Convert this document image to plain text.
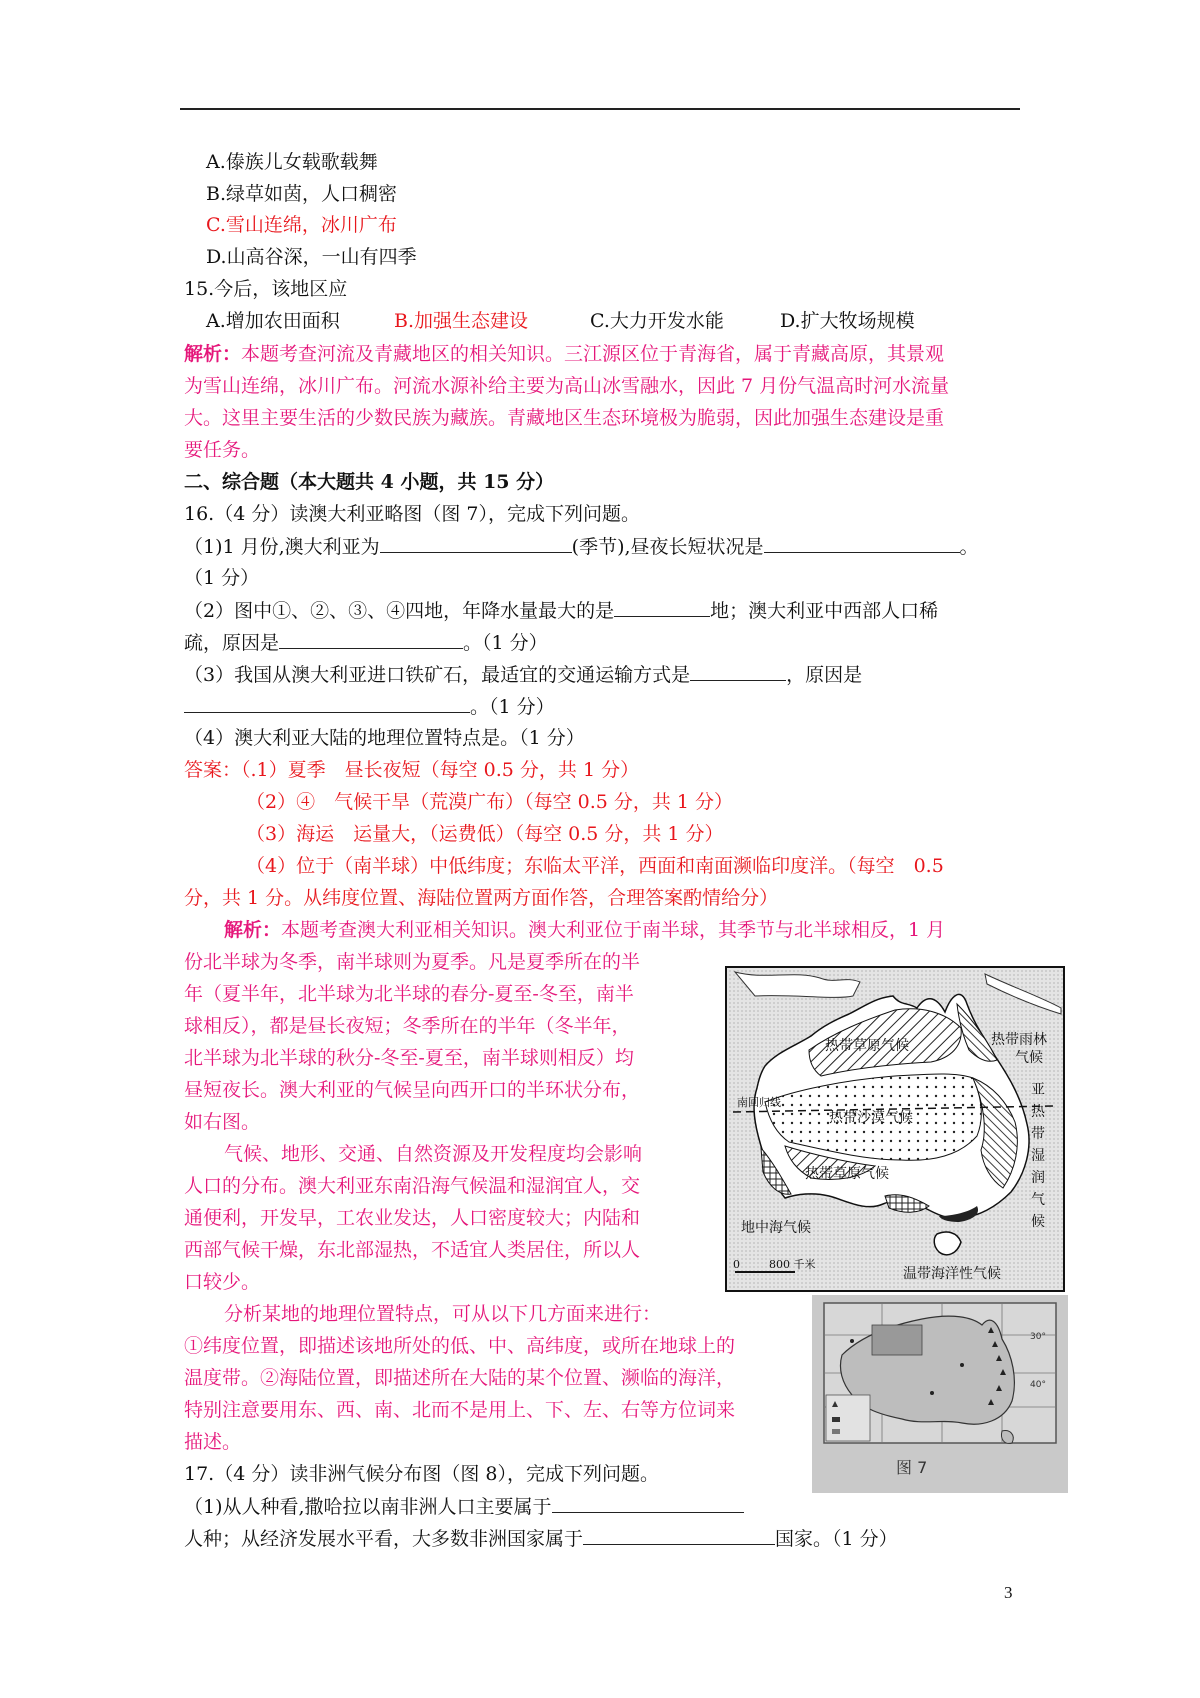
A.傣族儿女载歌载舞
B.绿草如茵，人口稠密
C.雪山连绵，冰川广布
D.山高谷深，一山有四季
15.今后，该地区应
A.增加农田面积	B.加强生态建设	C.大力开发水能	D.扩大牧场规模
解析：本题考查河流及青藏地区的相关知识。三江源区位于青海省，属于青藏高原，其景观
为雪山连绵，冰川广布。河流水源补给主要为高山冰雪融水，因此 7 月份气温高时河水流量
大。这里主要生活的少数民族为藏族。青藏地区生态环境极为脆弱，因此加强生态建设是重
要任务。
二、综合题（本大题共 4 小题，共 15 分）
16.（4 分）读澳大利亚略图（图 7），完成下列问题。
（1)1 月份,澳大利亚为	(季节),昼夜长短状况是	。
（1 分）
（2）图中①、②、③、④四地，年降水量最大的是	地；澳大利亚中西部人口稀
疏，原因是	。（1 分）
（3）我国从澳大利亚进口铁矿石，最适宜的交通运输方式是	，原因是
。（1 分）
（4）澳大利亚大陆的地理位置特点是。（1 分）
答案：（.1）夏季　昼长夜短（每空 0.5 分，共 1 分）
（2）④　气候干旱（荒漠广布）（每空 0.5 分，共 1 分）
（3）海运　运量大，（运费低）（每空 0.5 分，共 1 分）
（4）位于（南半球）中低纬度；东临太平洋，西面和南面濒临印度洋。（每空　0.5
分，共 1 分。从纬度位置、海陆位置两方面作答，合理答案酌情给分）
解析：本题考查澳大利亚相关知识。澳大利亚位于南半球，其季节与北半球相反，1 月
份北半球为冬季，南半球则为夏季。凡是夏季所在的半
年（夏半年，北半球为北半球的春分-夏至-冬至，南半
球相反），都是昼长夜短；冬季所在的半年（冬半年，
北半球为北半球的秋分-冬至-夏至，南半球则相反）均
昼短夜长。澳大利亚的气候呈向西开口的半环状分布，
如右图。
气候、地形、交通、自然资源及开发程度均会影响
人口的分布。澳大利亚东南沿海气候温和湿润宜人，交
通便利，开发早，工农业发达，人口密度较大；内陆和
西部气候干燥，东北部湿热，不适宜人类居住，所以人
口较少。
分析某地的地理位置特点，可从以下几方面来进行：
①纬度位置，即描述该地所处的低、中、高纬度，或所在地球上的
温度带。②海陆位置，即描述所在大陆的某个位置、濒临的海洋，
特别注意要用东、西、南、北而不是用上、下、左、右等方位词来
描述。
17.（4 分）读非洲气候分布图（图 8），完成下列问题。
（1)从人种看,撒哈拉以南非洲人口主要属于
人种；从经济发展水平看，大多数非洲国家属于	国家。（1 分）
热带草原气候	热带雨林
气候
南回归线
热带沙漠气候
热带草原气候
亚
热
带
湿
润
气
候
地中海气候
温带海洋性气候
0	800 千米
30°
40°
图 7
3
